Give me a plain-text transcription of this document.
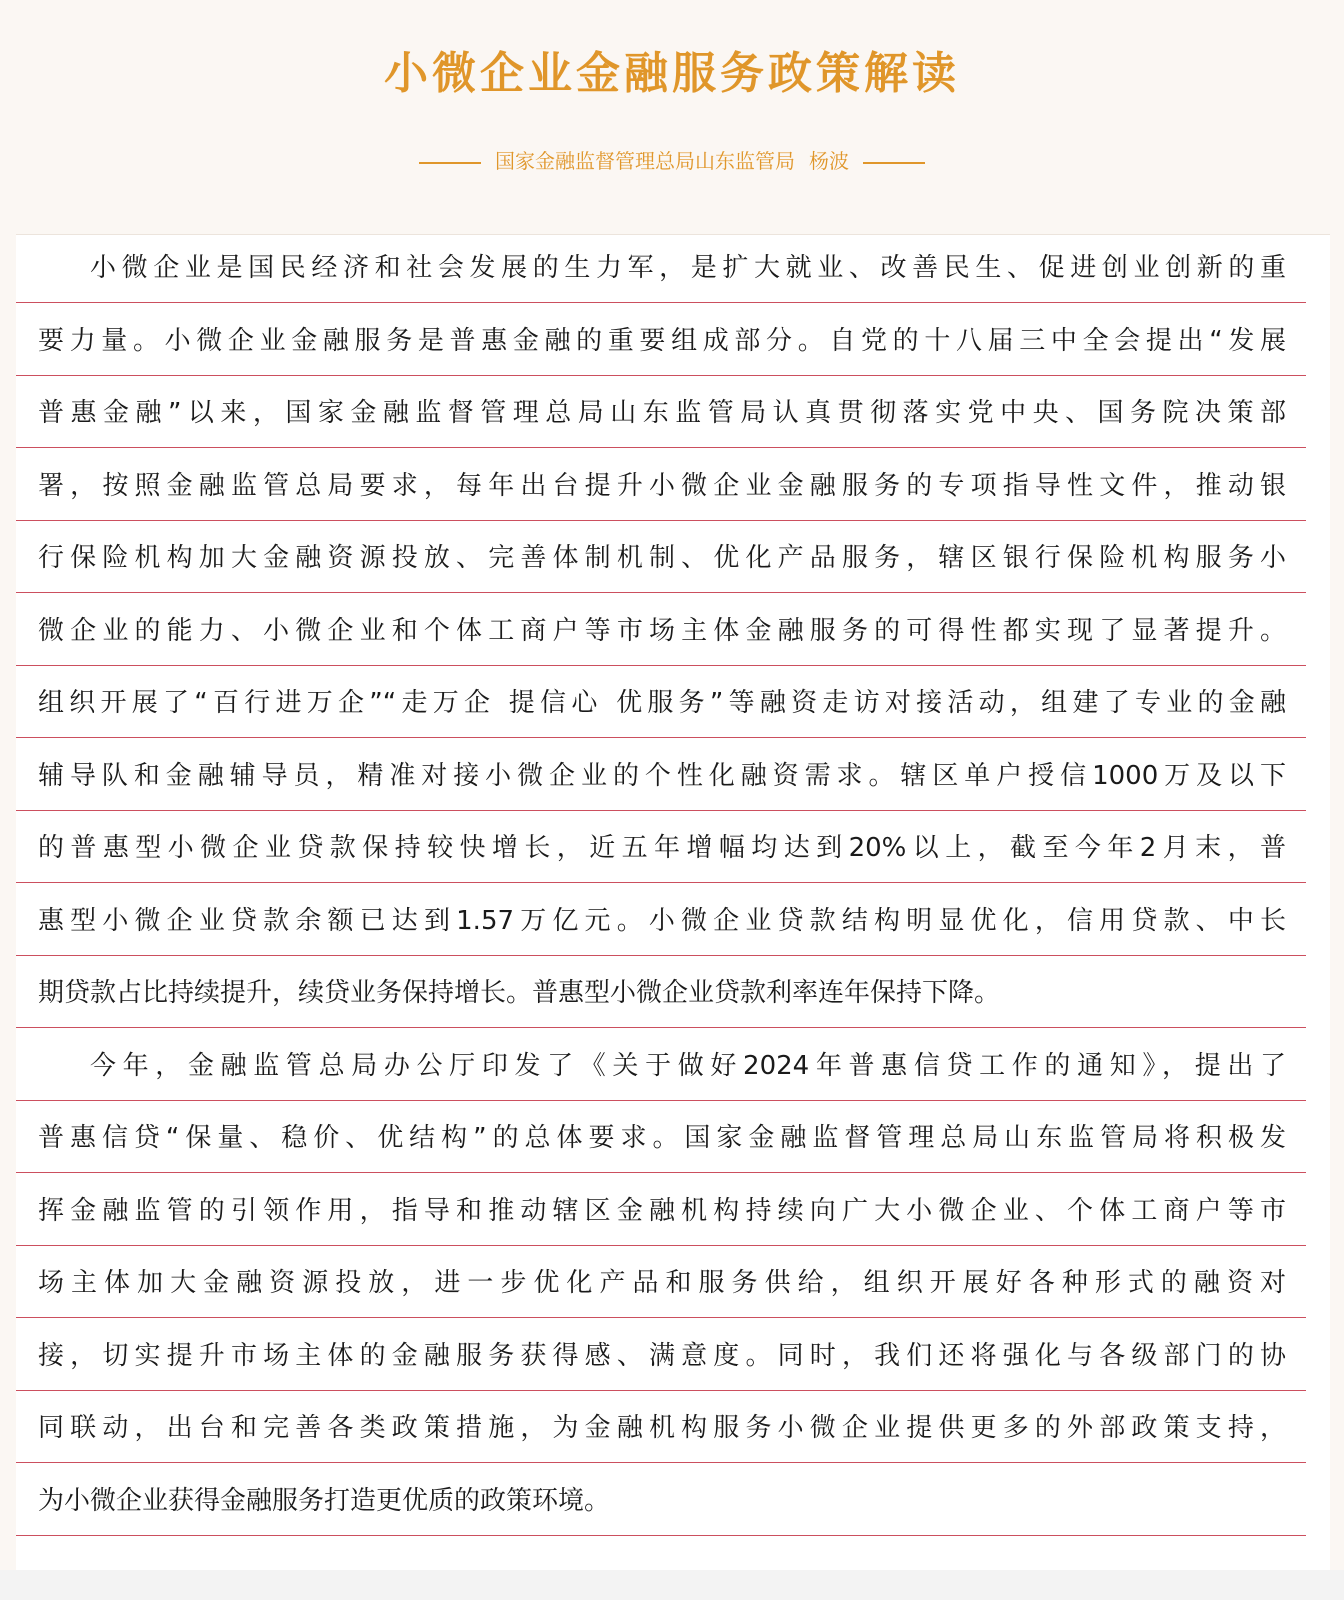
小微企业金融服务政策解读
国家金融监督管理总局山东监管局 杨波
小微企业是国民经济和社会发展的生力军，是扩大就业、改善民生、促进创业创新的重
要力量。小微企业金融服务是普惠金融的重要组成部分。自党的十八届三中全会提出“发展
普惠金融”以来，国家金融监督管理总局山东监管局认真贯彻落实党中央、国务院决策部
署，按照金融监管总局要求，每年出台提升小微企业金融服务的专项指导性文件，推动银
行保险机构加大金融资源投放、完善体制机制、优化产品服务，辖区银行保险机构服务小
微企业的能力、小微企业和个体工商户等市场主体金融服务的可得性都实现了显著提升。
组织开展了“百行进万企”“走万企 提信心 优服务”等融资走访对接活动，组建了专业的金融
辅导队和金融辅导员，精准对接小微企业的个性化融资需求。辖区单户授信1000万及以下
的普惠型小微企业贷款保持较快增长，近五年增幅均达到20%以上，截至今年2月末，普
惠型小微企业贷款余额已达到1.57万亿元。小微企业贷款结构明显优化，信用贷款、中长
期贷款占比持续提升，续贷业务保持增长。普惠型小微企业贷款利率连年保持下降。
今年，金融监管总局办公厅印发了《关于做好2024年普惠信贷工作的通知》，提出了
普惠信贷“保量、稳价、优结构”的总体要求。国家金融监督管理总局山东监管局将积极发
挥金融监管的引领作用，指导和推动辖区金融机构持续向广大小微企业、个体工商户等市
场主体加大金融资源投放，进一步优化产品和服务供给，组织开展好各种形式的融资对
接，切实提升市场主体的金融服务获得感、满意度。同时，我们还将强化与各级部门的协
同联动，出台和完善各类政策措施，为金融机构服务小微企业提供更多的外部政策支持，
为小微企业获得金融服务打造更优质的政策环境。
